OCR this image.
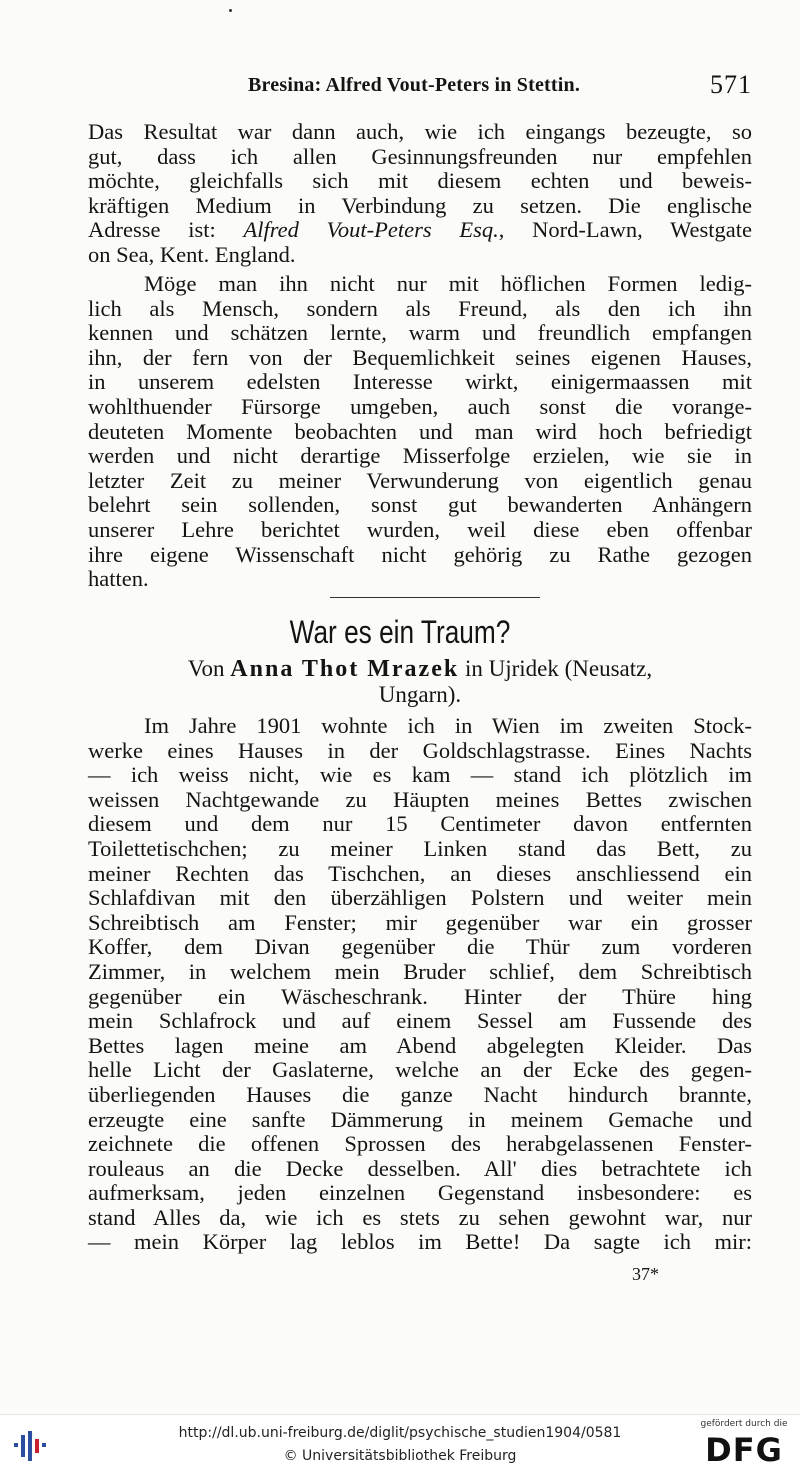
Bresina: Alfred Vout-Peters in Stettin.	571
Das Resultat war dann auch, wie ich eingangs bezeugte, so
gut, dass ich allen Gesinnungsfreunden nur empfehlen
möchte, gleichfalls sich mit diesem echten und beweis-
kräftigen Medium in Verbindung zu setzen. Die englische
Adresse ist: Alfred Vout-Peters Esq., Nord-Lawn, Westgate
on Sea, Kent. England.
Möge man ihn nicht nur mit höflichen Formen ledig-
lich als Mensch, sondern als Freund, als den ich ihn
kennen und schätzen lernte, warm und freundlich empfangen
ihn, der fern von der Bequemlichkeit seines eigenen Hauses,
in unserem edelsten Interesse wirkt, einigermaassen mit
wohlthuender Fürsorge umgeben, auch sonst die vorange-
deuteten Momente beobachten und man wird hoch befriedigt
werden und nicht derartige Misserfolge erzielen, wie sie in
letzter Zeit zu meiner Verwunderung von eigentlich genau
belehrt sein sollenden, sonst gut bewanderten Anhängern
unserer Lehre berichtet wurden, weil diese eben offenbar
ihre eigene Wissenschaft nicht gehörig zu Rathe gezogen
hatten.
War es ein Traum?
Von Anna Thot Mrazek in Ujridek (Neusatz,
Ungarn).
Im Jahre 1901 wohnte ich in Wien im zweiten Stock-
werke eines Hauses in der Goldschlagstrasse. Eines Nachts
— ich weiss nicht, wie es kam — stand ich plötzlich im
weissen Nachtgewande zu Häupten meines Bettes zwischen
diesem und dem nur 15 Centimeter davon entfernten
Toilettetischchen; zu meiner Linken stand das Bett, zu
meiner Rechten das Tischchen, an dieses anschliessend ein
Schlafdivan mit den überzähligen Polstern und weiter mein
Schreibtisch am Fenster; mir gegenüber war ein grosser
Koffer, dem Divan gegenüber die Thür zum vorderen
Zimmer, in welchem mein Bruder schlief, dem Schreibtisch
gegenüber ein Wäscheschrank. Hinter der Thüre hing
mein Schlafrock und auf einem Sessel am Fussende des
Bettes lagen meine am Abend abgelegten Kleider. Das
helle Licht der Gaslaterne, welche an der Ecke des gegen-
überliegenden Hauses die ganze Nacht hindurch brannte,
erzeugte eine sanfte Dämmerung in meinem Gemache und
zeichnete die offenen Sprossen des herabgelassenen Fenster-
rouleaus an die Decke desselben. All' dies betrachtete ich
aufmerksam, jeden einzelnen Gegenstand insbesondere: es
stand Alles da, wie ich es stets zu sehen gewohnt war, nur
— mein Körper lag leblos im Bette! Da sagte ich mir:
37*
http://dl.ub.uni-freiburg.de/diglit/psychische_studien1904/0581
© Universitätsbibliothek Freiburg
gefördert durch die
DFG
